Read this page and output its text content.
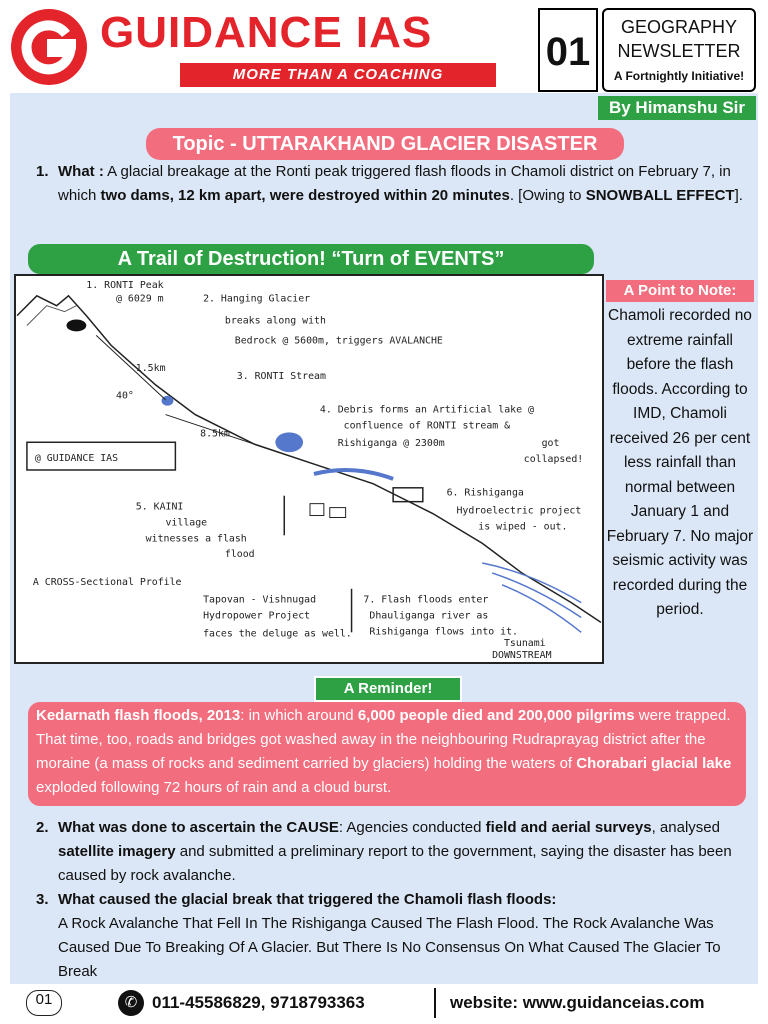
GUIDANCE IAS
MORE THAN A COACHING
01
GEOGRAPHY
NEWSLETTER
A Fortnightly Initiative!
By Himanshu Sir
Topic - UTTARAKHAND GLACIER DISASTER
1. What : A glacial breakage at the Ronti peak triggered flash floods in Chamoli district on February 7, in which two dams, 12 km apart, were destroyed within 20 minutes. [Owing to SNOWBALL EFFECT].
A Trail of Destruction! “Turn of EVENTS”
1. RONTI Peak
@ 6029 m	2. Hanging Glacier
breaks along with
Bedrock @ 5600m, triggers AVALANCHE
3. RONTI Stream
4. Debris forms an Artificial lake @
confluence of RONTI stream &
Rishiganga @ 2300m	got
collapsed!
1.5km
8.5km
40°
@ GUIDANCE IAS
5. KAINI
village
witnesses a flash
flood
6. Rishiganga
Hydroelectric project
is wiped - out.
A CROSS-Sectional Profile
Tapovan - Vishnugad
Hydropower Project
faces the deluge as well.
7. Flash floods enter
Dhauliganga river as
Rishiganga flows into it.
Tsunami
DOWNSTREAM
A Point to Note:
Chamoli recorded no extreme rainfall before the flash floods. According to IMD, Chamoli received 26 per cent less rainfall than normal between January 1 and February 7. No major seismic activity was recorded during the period.
A Reminder!
Kedarnath flash floods, 2013: in which around 6,000 people died and 200,000 pilgrims were trapped. That time, too, roads and bridges got washed away in the neighbouring Rudraprayag district after the moraine (a mass of rocks and sediment carried by glaciers) holding the waters of Chorabari glacial lake exploded following 72 hours of rain and a cloud burst.
2. What was done to ascertain the CAUSE: Agencies conducted field and aerial surveys, analysed satellite imagery and submitted a preliminary report to the government, saying the disaster has been caused by rock avalanche.
3. What caused the glacial break that triggered the Chamoli flash floods:
A Rock Avalanche That Fell In The Rishiganga Caused The Flash Flood. The Rock Avalanche Was Caused Due To Breaking Of A Glacier. But There Is No Consensus On What Caused The Glacier To Break
01	✆ 011-45586829, 9718793363	website: www.guidanceias.com
